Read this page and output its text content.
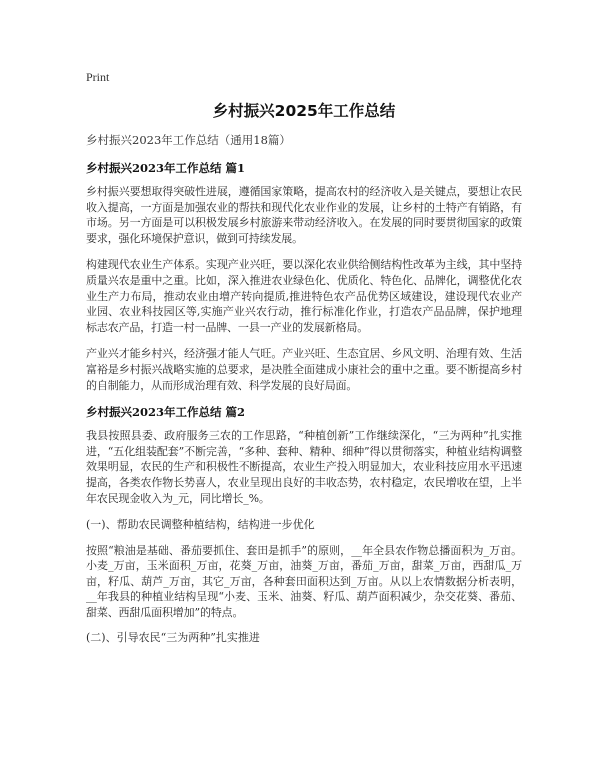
Print
乡村振兴2025年工作总结
乡村振兴2023年工作总结（通用18篇）
乡村振兴2023年工作总结 篇1

乡村振兴要想取得突破性进展，遵循国家策略，提高农村的经济收入是关键点，要想让农民收入提高，一方面是加强农业的帮扶和现代化农业作业的发展，让乡村的土特产有销路，有市场。另一方面是可以积极发展乡村旅游来带动经济收入。在发展的同时要贯彻国家的政策要求，强化环境保护意识，做到可持续发展。

构建现代农业生产体系。实现产业兴旺，要以深化农业供给侧结构性改革为主线，其中坚持质量兴农是重中之重。比如，深入推进农业绿色化、优质化、特色化、品牌化，调整优化农业生产力布局，推动农业由增产转向提质,推进特色农产品优势区域建设，建设现代农业产业园、农业科技园区等,实施产业兴农行动，推行标准化作业，打造农产品品牌，保护地理标志农产品，打造一村一品牌、一县一产业的发展新格局。

产业兴才能乡村兴，经济强才能人气旺。产业兴旺、生态宜居、乡风文明、治理有效、生活富裕是乡村振兴战略实施的总要求，是决胜全面建成小康社会的重中之重。要不断提高乡村的自制能力，从而形成治理有效、科学发展的良好局面。

乡村振兴2023年工作总结 篇2

我县按照县委、政府服务三农的工作思路，“种植创新”工作继续深化，“三为两种”扎实推进，“五化组装配套”不断完善，“多种、套种、精种、细种”得以贯彻落实，种植业结构调整效果明显，农民的生产和积极性不断提高，农业生产投入明显加大，农业科技应用水平迅速提高，各类农作物长势喜人，农业呈现出良好的丰收态势，农村稳定，农民增收在望，上半年农民现金收入为_元，同比增长_%。

(一)、帮助农民调整种植结构，结构进一步优化

按照“粮油是基础、番茄要抓住、套田是抓手”的原则，__年全县农作物总播面积为_万亩。小麦_万亩，玉米面积_万亩，花葵_万亩，油葵_万亩，番茄_万亩，甜菜_万亩，西甜瓜_万亩，籽瓜、葫芦_万亩，其它_万亩，各种套田面积达到_万亩。从以上农情数据分析表明，__年我县的种植业结构呈现“小麦、玉米、油葵、籽瓜、葫芦面积减少，杂交花葵、番茄、甜菜、西甜瓜面积增加”的特点。

(二)、引导农民“三为两种”扎实推进
